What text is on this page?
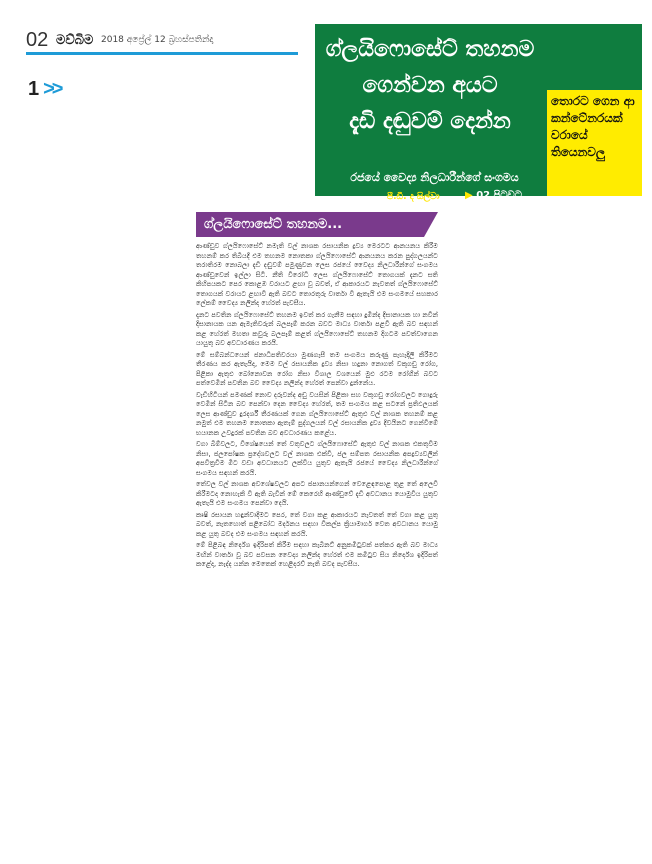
02 මව්බිම 2018 අප්‍රේල් 12 බ්‍රහස්පතින්දා
1 >>
ග්ලයිෆොසේට් තහනම
ගෙන්වන අයට
දැඩි දඬුවම් දෙන්න
රජයේ වෛද්‍ය නිලධාරීන්ගේ සංගමය
පී.ඩී. ද සිල්වා	▶ 02 පිටුවට
තොරට ගෙන ආ කන්ටේනරයක් වරායේ තියෙනවලු
ග්ලයිෆොසේට් තහනම...

ආණ්ඩුව ග්ලයිෆොසේට් නමැති වල් නාශක රසායනික ද්‍රව්‍ය මෙරටට ආනයනය කිරීම තහනම් කර තිබියදී එම තහනම නොතකා ග්ලයිෆොසේට් ආනයනය කරන පුද්ගලයන්ට තරාතිරම නොබලා දැඩි දඬුවම් පමුණුවන ලෙස රජයේ වෛද්‍ය නිලධාරීන්ගේ සංගමය ආණ්ඩුවෙන් ඉල්ලා සිටී. නීති විරෝධී ලෙස ග්ලයිෆොසේට් තොගයක් දැනට සති කිහිපයකට පෙර කොළඹ වරායට ළඟා වූ බවත්, ඒ ආකාරයට නැවතත් ග්ලයිෆොසේට් තොගයක් වරායට ළඟාවී ඇති බවට තොරතුරු වාර්තා වී ඇතැයි එම සංගමයේ සහකාර ලේකම් වෛද්‍ය නලින්ද හේරත් පැවසීය.

දැනට පවතින ග්ලයිෆොසේට් තහනම ඉවත් කර ගැනීම සඳහා දුමින්ද දිසානායක හා නවීන් දිසානායක යන ඇමැතිවරුන් බලපෑම් කරන බවට මාධ්‍ය වාර්තා පළවී ඇති බව සඳහන් කළ හේරත් මහතා කවුරු බලපෑම් කළත් ග්ලයිෆොසේට් තහනම දිගටම පවත්වාගෙන යායුතු බව අවධාරණය කරයි.

මේ සම්බන්ධයෙන් ජනාධිපතිවරයා මුණගැසී තම සංගමය කරුණු පැහැදිලි කිරීමට තීරණය කර ඇතැයිද, මෙම වල් රසායනික ද්‍රව්‍ය නිසා හදුනා නොගත් වකුගඩු රෝග, පිළිකා ඇතුළු බෝනොවන රෝග නිසා විශාල වශයෙන් මුළු රටම රෝගීන් බවට පත්වෙමින් පවතින බව වෛද්‍ය නලින්ද හේරත් පෙන්වා දුන්නේය.

වැඩිහිටියන් පමණක් නොව දරුවන්ද අඩු වයසින් පිළිකා සහ වකුගඩු රෝගවලට ගොදුරු වෙමින් සිටින බව පෙන්වා දෙන වෛද්‍ය හේරත්, තම සංගමය කළ සටනේ ප්‍රතිඵලයක් ලෙස ආණ්ඩුව දුරදර්ශී තීරණයක් ගෙන ග්ලයිෆොසේට් ඇතුළු වල් නාශක තහනම් කළ නමුත් එම තහනම නොතකා ඇතැම් පුද්ගලයන් වල් රසායනික ද්‍රව්‍ය දිවයිනට ගෙන්වීමේ භයානක උවදුරක් පවතින බව අවධාරණය කළේය.

වගා බිම්වලට, විශේෂයෙන් තේ වතුවලට ග්ලයිෆොසේට් ඇතුළු වල් නාශක එකතුවීම නිසා, ජලපෝෂක ප්‍රදේශවලට වල් නාශක එක්වී, ජල සම්පත රසායනික අපද්‍රව්‍යවලින් අපවිත්‍රවීම මීට වඩා අවධානයට ලක්විය යුතුව ඇතැයි රජයේ වෛද්‍ය නිලධාරීන්ගේ සංගමය සඳහන් කරයි.

තේවල වල් නාශක අවශේෂවලට අපට ජපානයන්ගෙන් වෙළෙඳපොළ තුළ තේ අලෙවි කිරීමටද නොහැකි වී ඇති බැවින් මේ කෙරෙහි ආණ්ඩුවේ දැඩි අවධානය යොමුවිය යුතුව ඇතැයි එම සංගමය පෙන්වා දෙයි.

කෘෂි රසායන හඳුන්වාදීමට පෙර, තේ වගා කළ ආකාරයට නැවතත් තේ වගා කළ යුතු බවත්, නැතහොත් පළිබෝධ මර්දනය සඳහා විකල්ප ක්‍රියාමාර්ග වෙත අවධානය යොමු කළ යුතු බවද එම සංගමය සඳහන් කරයි.

මේ පිළිබඳ නිර්දේශ ඉදිරිපත් කිරීම සඳහා කැබිනට් අනුකමිටුවක් පත්කර ඇති බව මාධ්‍ය මඟින් වාර්තා වූ බව පවසන වෛද්‍ය නලින්ද හේරත් එම කමිටුව සිය නිර්දේශ ඉදිරිපත් කළේද, නැද්ද යන්න මෙතෙක් හෙළිදරව් නැති බවද පැවසීය.
